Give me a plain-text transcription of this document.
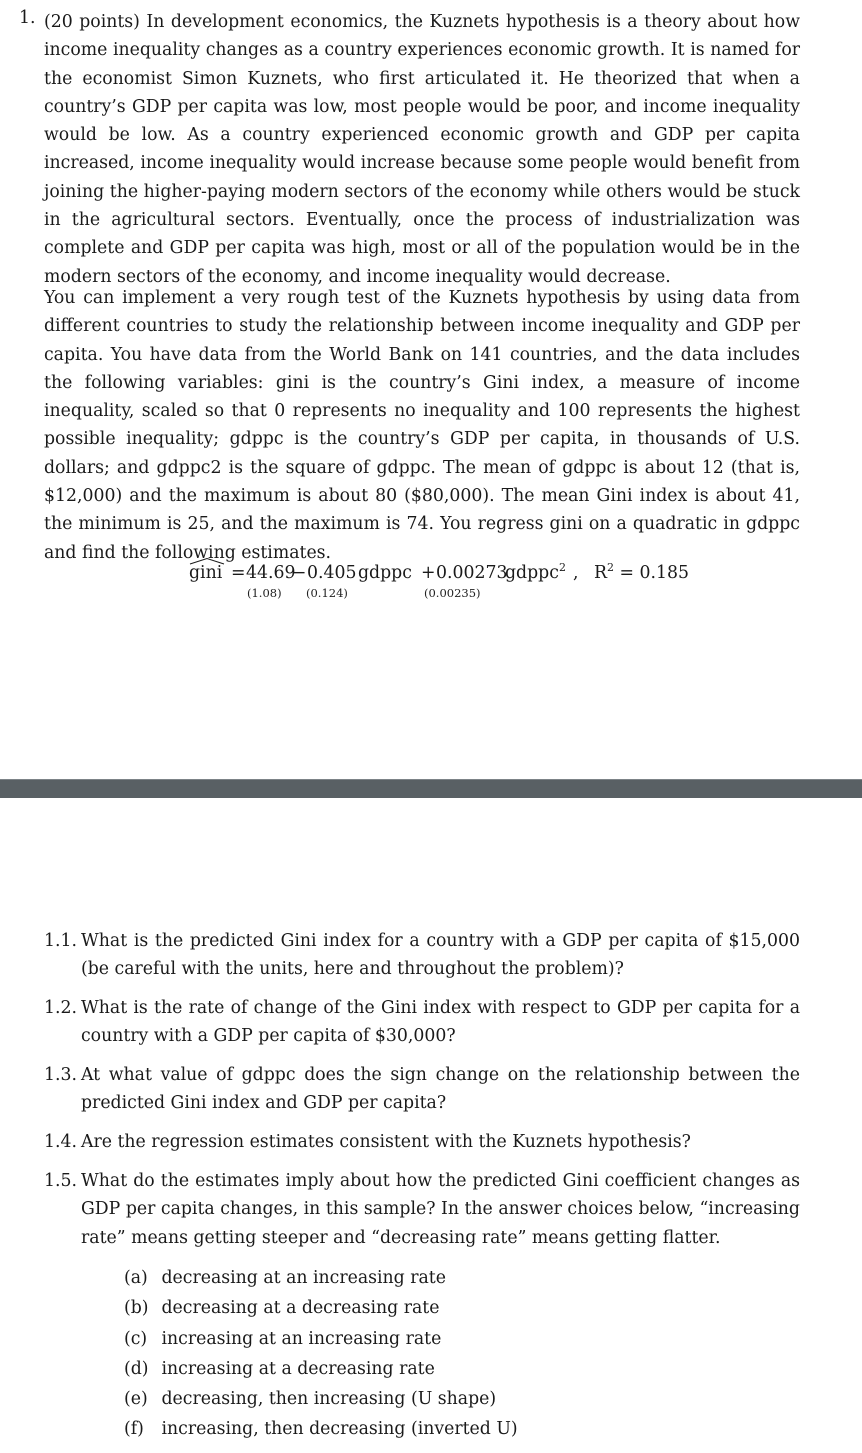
1. (20 points) In development economics, the Kuznets hypothesis is a theory about how income inequality changes as a country experiences economic growth. It is named for the economist Simon Kuznets, who first articulated it. He theorized that when a country’s GDP per capita was low, most people would be poor, and income inequality would be low. As a country experienced economic growth and GDP per capita increased, income inequality would increase because some people would benefit from joining the higher-paying modern sectors of the economy while others would be stuck in the agricultural sectors. Eventually, once the process of industrialization was complete and GDP per capita was high, most or all of the population would be in the modern sectors of the economy, and income inequality would decrease.

You can implement a very rough test of the Kuznets hypothesis by using data from different countries to study the relationship between income inequality and GDP per capita. You have data from the World Bank on 141 countries, and the data includes the following variables: gini is the country’s Gini index, a measure of income inequality, scaled so that 0 represents no inequality and 100 represents the highest possible inequality; gdppc is the country’s GDP per capita, in thousands of U.S. dollars; and gdppc2 is the square of gdppc. The mean of gdppc is about 12 (that is, $12,000) and the maximum is about 80 ($80,000). The mean Gini index is about 41, the minimum is 25, and the maximum is 74. You regress gini on a quadratic in gdppc and find the following estimates.

gini = 44.69
(1.08)
− 0.405
(0.124)
gdppc + 0.00273
(0.00235)
gdppc$^2$ , $R^2 = 0.185$
1.1. What is the predicted Gini index for a country with a GDP per capita of $15,000 (be careful with the units, here and throughout the problem)?
1.2. What is the rate of change of the Gini index with respect to GDP per capita for a country with a GDP per capita of $30,000?
1.3. At what value of gdppc does the sign change on the relationship between the predicted Gini index and GDP per capita?
1.4. Are the regression estimates consistent with the Kuznets hypothesis?
1.5. What do the estimates imply about how the predicted Gini coefficient changes as GDP per capita changes, in this sample? In the answer choices below, “increasing rate” means getting steeper and “decreasing rate” means getting flatter.
(a) decreasing at an increasing rate
(b) decreasing at a decreasing rate
(c) increasing at an increasing rate
(d) increasing at a decreasing rate
(e) decreasing, then increasing (U shape)
(f) increasing, then decreasing (inverted U)
